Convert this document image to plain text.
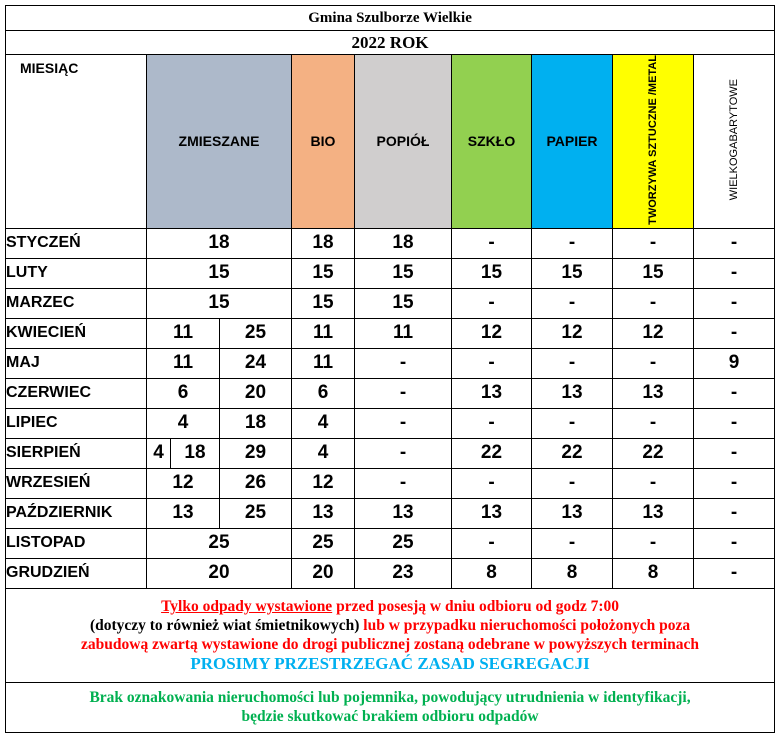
Gmina Szulborze Wielkie									
2022 ROK									
MIESIĄC	ZMIESZANE			BIO	POPIÓŁ	SZKŁO	PAPIER	TWORZYWA SZTUCZNE /METAL	WIELKOGABARYTOWE
STYCZEŃ	18			18	18	-	-	-	-
LUTY	15			15	15	15	15	15	-
MARZEC	15			15	15	-	-	-	-
KWIECIEŃ	11		25	11	11	12	12	12	-
MAJ	11		24	11	-	-	-	-	9
CZERWIEC	6		20	6	-	13	13	13	-
LIPIEC	4		18	4	-	-	-	-	-
SIERPIEŃ	4	18	29	4	-	22	22	22	-
WRZESIEŃ	12		26	12	-	-	-	-	-
PAŹDZIERNIK	13		25	13	13	13	13	13	-
LISTOPAD	25			25	25	-	-	-	-
GRUDZIEŃ	20			20	23	8	8	8	-

Tylko odpady wystawione przed posesją w dniu odbioru od godz 7:00
(dotyczy to również wiat śmietnikowych) lub w przypadku nieruchomości położonych poza
zabudową zwartą wystawione do drogi publicznej zostaną odebrane w powyższych terminach
PROSIMY PRZESTRZEGAĆ ZASAD SEGREGACJI									

Brak oznakowania nieruchomości lub pojemnika, powodujący utrudnienia w identyfikacji,
będzie skutkować brakiem odbioru odpadów									
